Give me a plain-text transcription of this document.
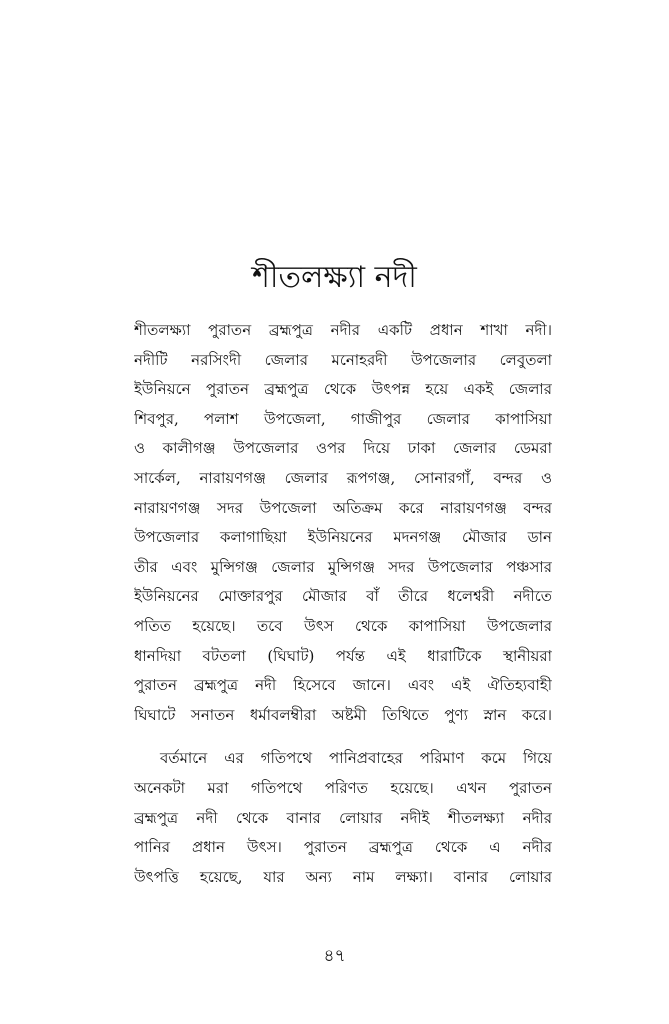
শীতলক্ষ্যা নদী
শীতলক্ষ্যা পুরাতন ব্রহ্মপুত্র নদীর একটি প্রধান শাখা নদী।
নদীটি নরসিংদী জেলার মনোহরদী উপজেলার লেবুতলা
ইউনিয়নে পুরাতন ব্রহ্মপুত্র থেকে উৎপন্ন হয়ে একই জেলার
শিবপুর, পলাশ উপজেলা, গাজীপুর জেলার কাপাসিয়া
ও কালীগঞ্জ উপজেলার ওপর দিয়ে ঢাকা জেলার ডেমরা
সার্কেল, নারায়ণগঞ্জ জেলার রূপগঞ্জ, সোনারগাঁ, বন্দর ও
নারায়ণগঞ্জ সদর উপজেলা অতিক্রম করে নারায়ণগঞ্জ বন্দর
উপজেলার কলাগাছিয়া ইউনিয়নের মদনগঞ্জ মৌজার ডান
তীর এবং মুন্সিগঞ্জ জেলার মুন্সিগঞ্জ সদর উপজেলার পঞ্চসার
ইউনিয়নের মোক্তারপুর মৌজার বাঁ তীরে ধলেশ্বরী নদীতে
পতিত হয়েছে। তবে উৎস থেকে কাপাসিয়া উপজেলার
ধানদিয়া বটতলা (ঘিঘাট) পর্যন্ত এই ধারাটিকে স্থানীয়রা
পুরাতন ব্রহ্মপুত্র নদী হিসেবে জানে। এবং এই ঐতিহ্যবাহী
ঘিঘাটে সনাতন ধর্মাবলম্বীরা অষ্টমী তিথিতে পুণ্য স্নান করে।
বর্তমানে এর গতিপথে পানিপ্রবাহের পরিমাণ কমে গিয়ে
অনেকটা মরা গতিপথে পরিণত হয়েছে। এখন পুরাতন
ব্রহ্মপুত্র নদী থেকে বানার লোয়ার নদীই শীতলক্ষ্যা নদীর
পানির প্রধান উৎস। পুরাতন ব্রহ্মপুত্র থেকে এ নদীর
উৎপত্তি হয়েছে, যার অন্য নাম লক্ষ্যা। বানার লোয়ার
৪৭
